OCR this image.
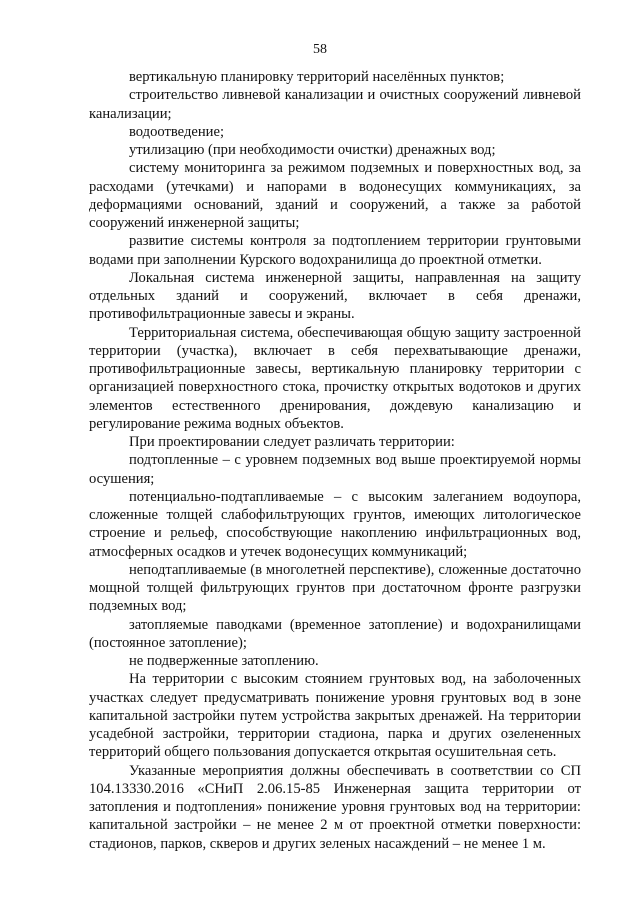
58

вертикальную планировку территорий населённых пунктов;

строительство ливневой канализации и очистных сооружений ливневой канализации;

водоотведение;

утилизацию (при необходимости очистки) дренажных вод;

систему мониторинга за режимом подземных и поверхностных вод, за расходами (утечками) и напорами в водонесущих коммуникациях, за деформациями оснований, зданий и сооружений, а также за работой сооружений инженерной защиты;

развитие системы контроля за подтоплением территории грунтовыми водами при заполнении Курского водохранилища до проектной отметки.

Локальная система инженерной защиты, направленная на защиту отдельных зданий и сооружений, включает в себя дренажи, противофильтрационные завесы и экраны.

Территориальная система, обеспечивающая общую защиту застроенной территории (участка), включает в себя перехватывающие дренажи, противофильтрационные завесы, вертикальную планировку территории с организацией поверхностного стока, прочистку открытых водотоков и других элементов естественного дренирования, дождевую канализацию и регулирование режима водных объектов.

При проектировании следует различать территории:

подтопленные – с уровнем подземных вод выше проектируемой нормы осушения;

потенциально-подтапливаемые – с высоким залеганием водоупора, сложенные толщей слабофильтрующих грунтов, имеющих литологическое строение и рельеф, способствующие накоплению инфильтрационных вод, атмосферных осадков и утечек водонесущих коммуникаций;

неподтапливаемые (в многолетней перспективе), сложенные достаточно мощной толщей фильтрующих грунтов при достаточном фронте разгрузки подземных вод;

затопляемые паводками (временное затопление) и водохранилищами (постоянное затопление);

не подверженные затоплению.

На территории с высоким стоянием грунтовых вод, на заболоченных участках следует предусматривать понижение уровня грунтовых вод в зоне капитальной застройки путем устройства закрытых дренажей. На территории усадебной застройки, территории стадиона, парка и других озелененных территорий общего пользования допускается открытая осушительная сеть.

Указанные мероприятия должны обеспечивать в соответствии со СП 104.13330.2016 «СНиП 2.06.15-85 Инженерная защита территории от затопления и подтопления» понижение уровня грунтовых вод на территории: капитальной застройки – не менее 2 м от проектной отметки поверхности: стадионов, парков, скверов и других зеленых насаждений – не менее 1 м.
